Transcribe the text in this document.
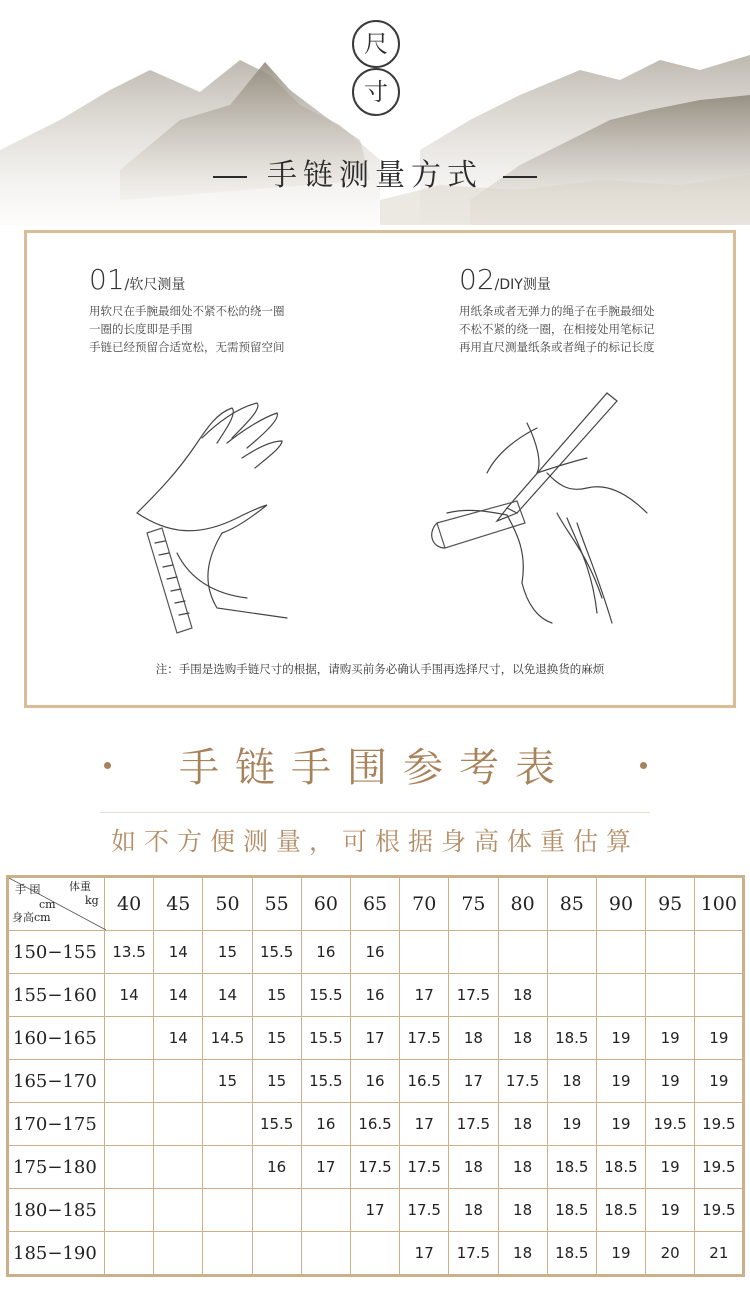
尺
寸
手链测量方式
01/软尺测量
用软尺在手腕最细处不紧不松的绕一圈
一圈的长度即是手围
手链已经预留合适宽松，无需预留空间
02/DIY测量
用纸条或者无弹力的绳子在手腕最细处
不松不紧的绕一圈，在相接处用笔标记
再用直尺测量纸条或者绳子的标记长度
注：手围是选购手链尺寸的根据，请购买前务必确认手围再选择尺寸，以免退换货的麻烦
手链手围参考表
如不方便测量，可根据身高体重估算
手 围
cm
体重
kg
身高cm	40	45	50	55	60	65	70	75	80	85	90	95	100
150−155	13.5	14	15	15.5	16	16							
155−160	14	14	14	15	15.5	16	17	17.5	18				
160−165		14	14.5	15	15.5	17	17.5	18	18	18.5	19	19	19
165−170			15	15	15.5	16	16.5	17	17.5	18	19	19	19
170−175				15.5	16	16.5	17	17.5	18	19	19	19.5	19.5
175−180				16	17	17.5	17.5	18	18	18.5	18.5	19	19.5
180−185						17	17.5	18	18	18.5	18.5	19	19.5
185−190							17	17.5	18	18.5	19	20	21
